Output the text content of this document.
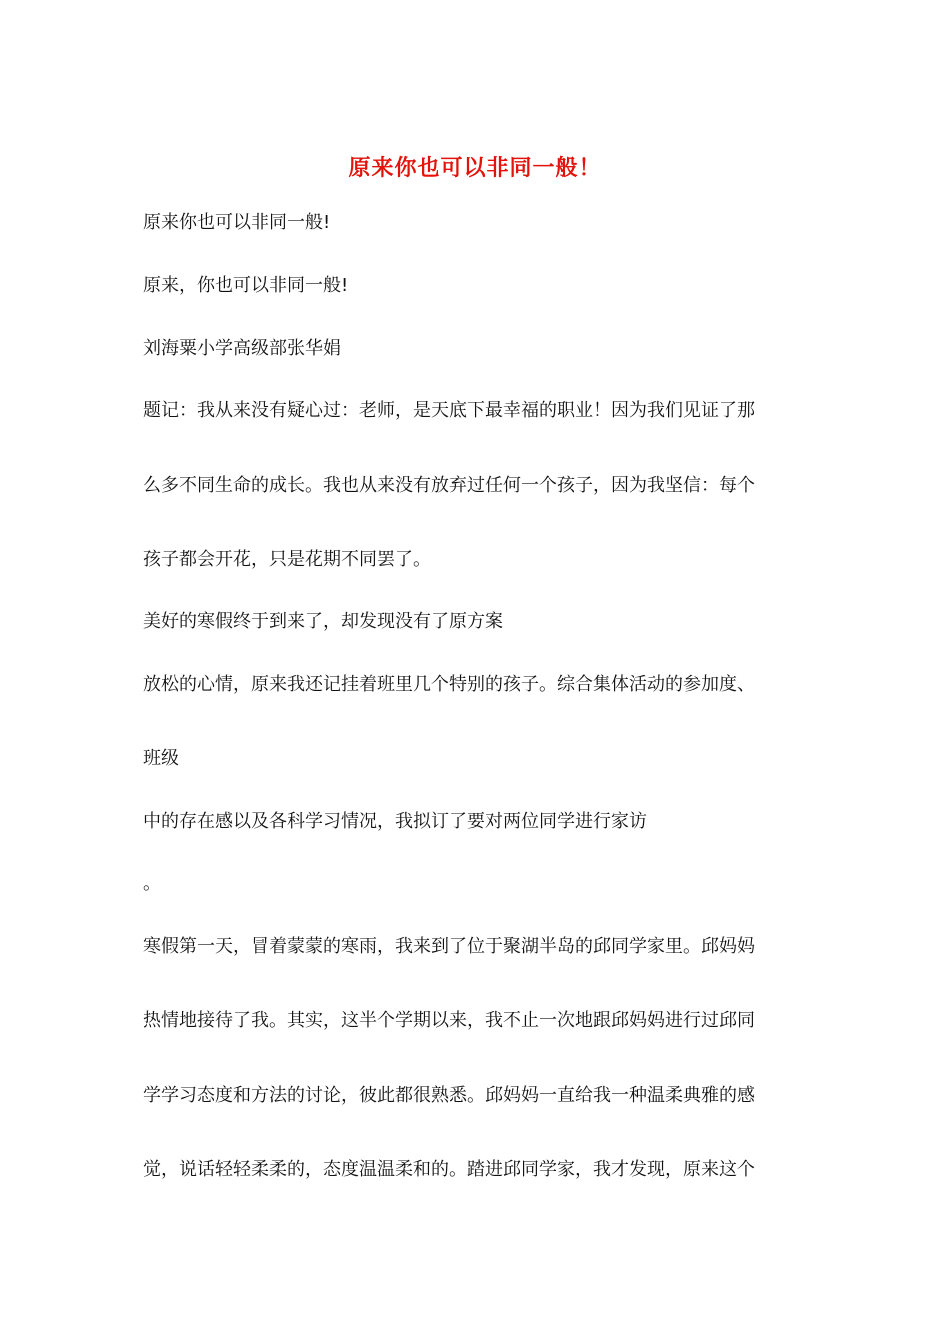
原来你也可以非同一般！
原来你也可以非同一般!
原来，你也可以非同一般!
刘海粟小学高级部张华娟
题记：我从来没有疑心过：老师，是天底下最幸福的职业！因为我们见证了那
么多不同生命的成长。我也从来没有放弃过任何一个孩子，因为我坚信：每个
孩子都会开花，只是花期不同罢了。
美好的寒假终于到来了，却发现没有了原方案
放松的心情，原来我还记挂着班里几个特别的孩子。综合集体活动的参加度、
班级
中的存在感以及各科学习情况，我拟订了要对两位同学进行家访
。
寒假第一天，冒着蒙蒙的寒雨，我来到了位于聚湖半岛的邱同学家里。邱妈妈
热情地接待了我。其实，这半个学期以来，我不止一次地跟邱妈妈进行过邱同
学学习态度和方法的讨论，彼此都很熟悉。邱妈妈一直给我一种温柔典雅的感
觉，说话轻轻柔柔的，态度温温柔和的。踏进邱同学家，我才发现，原来这个
